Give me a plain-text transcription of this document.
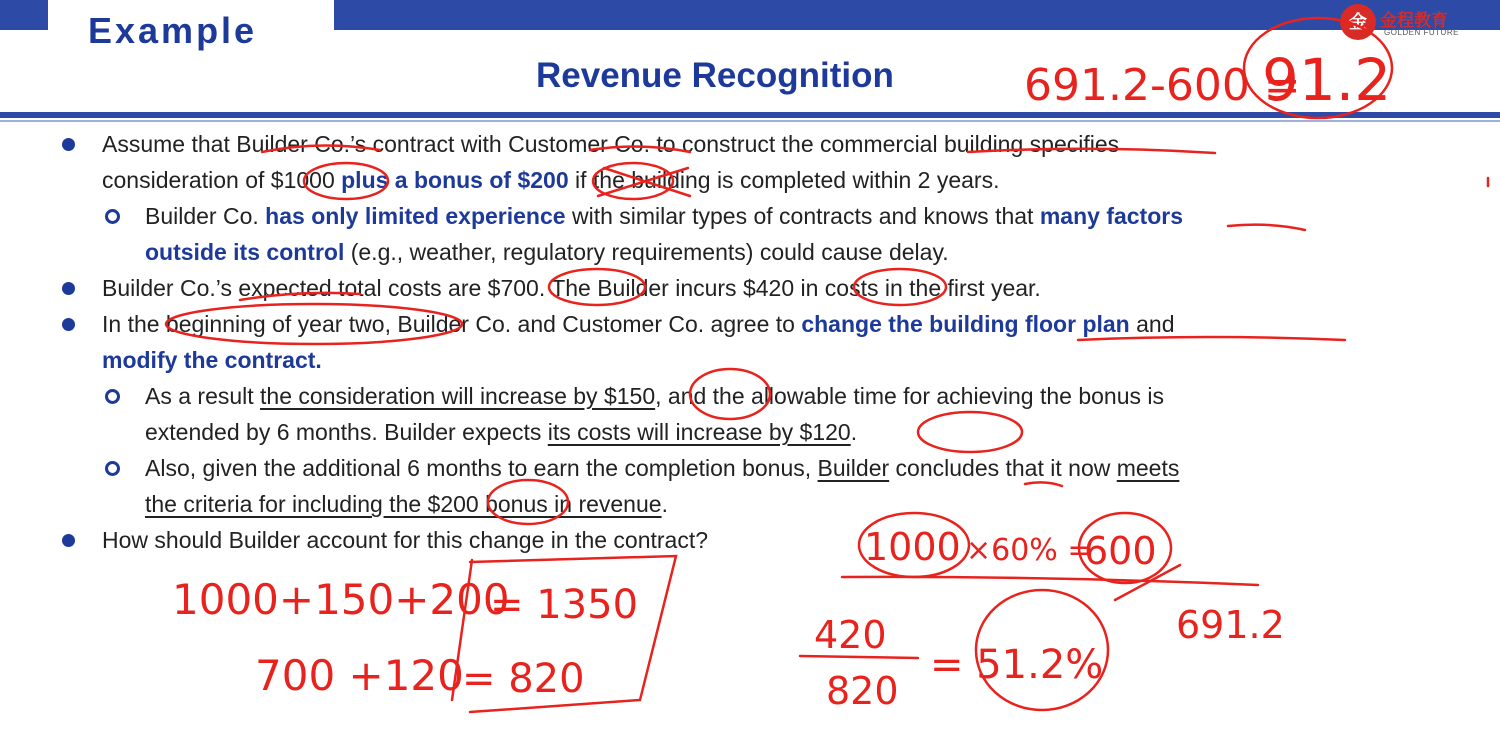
Example	金 金程教育
GOLDEN FUTURE
Revenue Recognition
Assume that Builder Co.’s contract with Customer Co. to construct the commercial building specifies
consideration of $1000 plus a bonus of $200 if the building is completed within 2 years.
Builder Co. has only limited experience with similar types of contracts and knows that many factors
outside its control (e.g., weather, regulatory requirements) could cause delay.
Builder Co.’s expected total costs are $700. The Builder incurs $420 in costs in the first year.
In the beginning of year two, Builder Co. and Customer Co. agree to change the building floor plan and
modify the contract.
As a result the consideration will increase by $150, and the allowable time for achieving the bonus is
extended by 6 months. Builder expects its costs will increase by $120.
Also, given the additional 6 months to earn the completion bonus, Builder concludes that it now meets
the criteria for including the $200 bonus in revenue.
How should Builder account for this change in the contract?
691.2-600 =
91.2
1000+150+200
= 1350
700 +120
= 820
1000 ×60% =
600
420
820
= 51.2%
691.2
